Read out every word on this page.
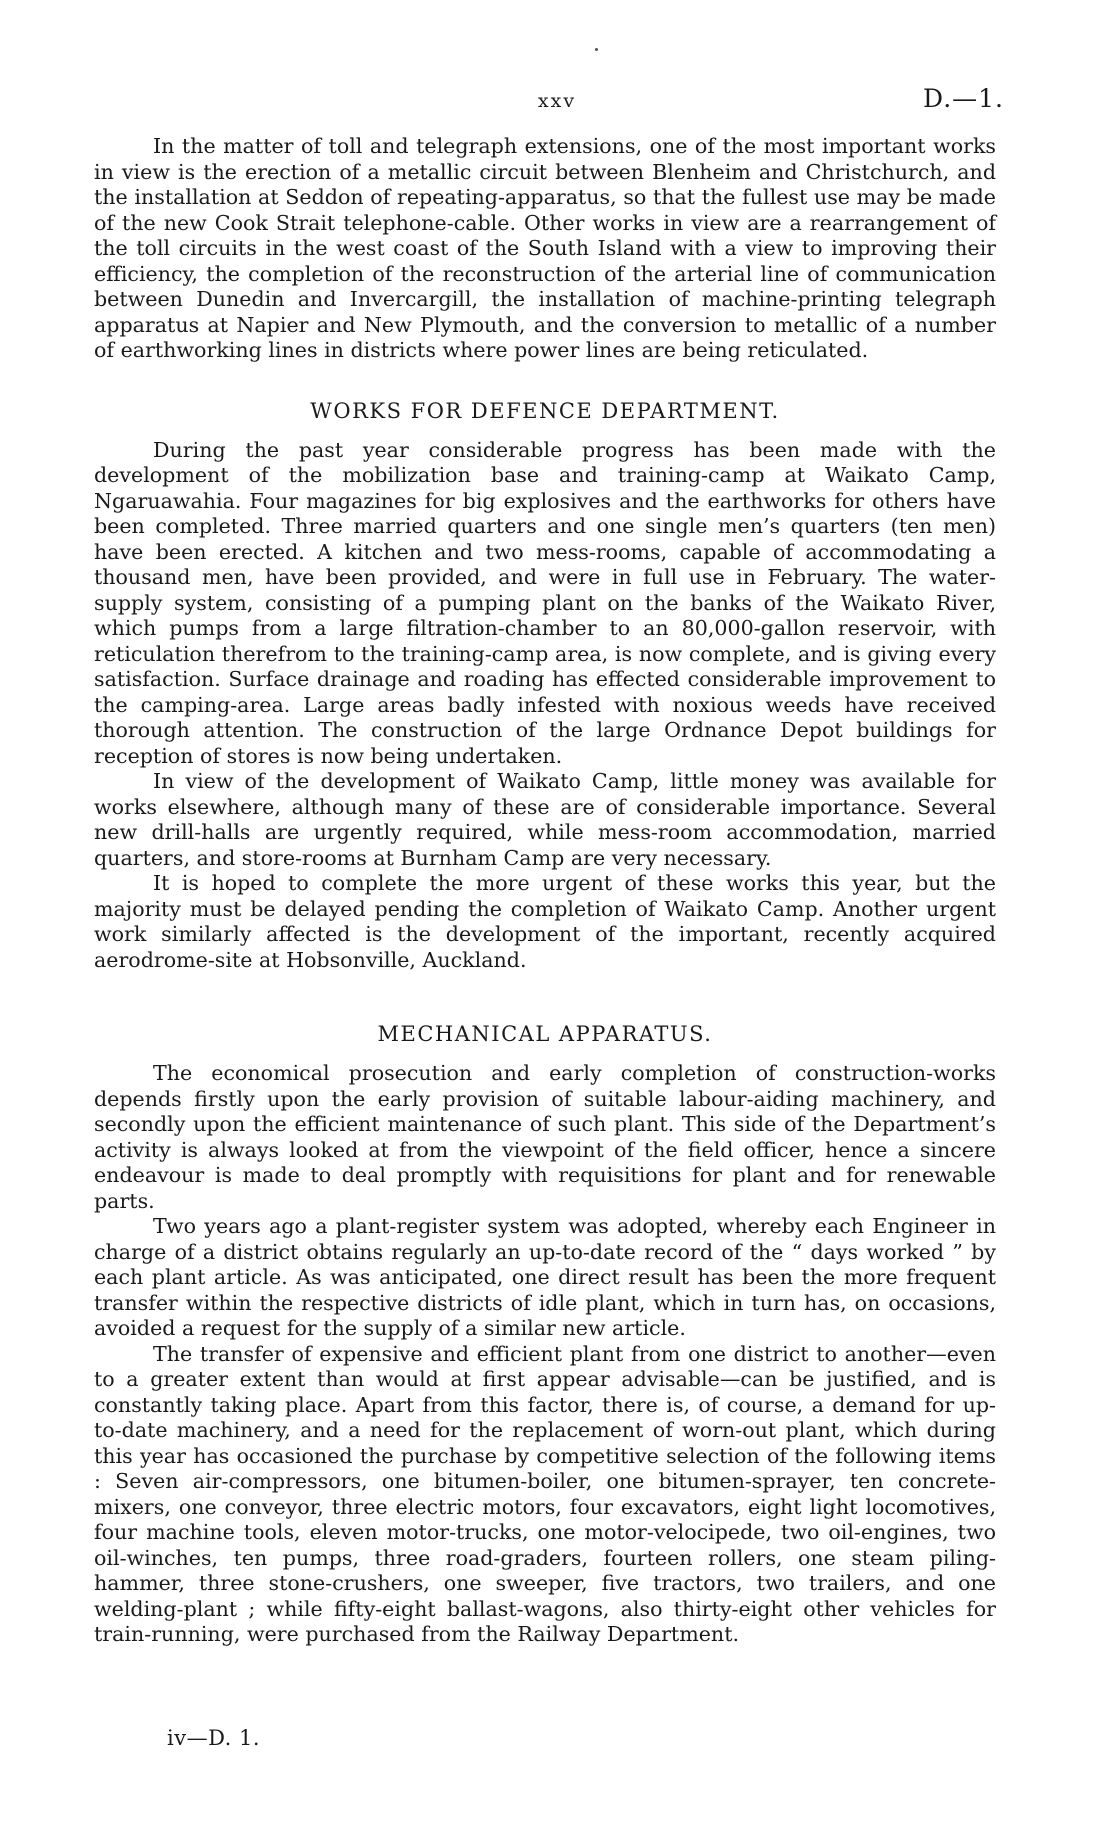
xxv	D.—1.

In the matter of toll and telegraph extensions, one of the most important works in view is the erection of a metallic circuit between Blenheim and Christchurch, and the installation at Seddon of repeating-apparatus, so that the fullest use may be made of the new Cook Strait telephone-cable. Other works in view are a rearrangement of the toll circuits in the west coast of the South Island with a view to improving their efficiency, the completion of the reconstruction of the arterial line of communication between Dunedin and Invercargill, the installation of machine-printing telegraph apparatus at Napier and New Plymouth, and the conversion to metallic of a number of earthworking lines in districts where power lines are being reticulated.

WORKS FOR DEFENCE DEPARTMENT.

During the past year considerable progress has been made with the development of the mobilization base and training-camp at Waikato Camp, Ngaruawahia. Four magazines for big explosives and the earthworks for others have been completed. Three married quarters and one single men’s quarters (ten men) have been erected. A kitchen and two mess-rooms, capable of accommodating a thousand men, have been provided, and were in full use in February. The water-supply system, consisting of a pumping plant on the banks of the Waikato River, which pumps from a large filtration-chamber to an 80,000-gallon reservoir, with reticulation therefrom to the training-camp area, is now complete, and is giving every satisfaction. Surface drainage and roading has effected considerable improvement to the camping-area. Large areas badly infested with noxious weeds have received thorough attention. The construction of the large Ordnance Depot buildings for reception of stores is now being undertaken.

In view of the development of Waikato Camp, little money was available for works elsewhere, although many of these are of considerable importance. Several new drill-halls are urgently required, while mess-room accommodation, married quarters, and store-rooms at Burnham Camp are very necessary.

It is hoped to complete the more urgent of these works this year, but the majority must be delayed pending the completion of Waikato Camp. Another urgent work similarly affected is the development of the important, recently acquired aerodrome-site at Hobsonville, Auckland.

MECHANICAL APPARATUS.

The economical prosecution and early completion of construction-works depends firstly upon the early provision of suitable labour-aiding machinery, and secondly upon the efficient maintenance of such plant. This side of the Department’s activity is always looked at from the viewpoint of the field officer, hence a sincere endeavour is made to deal promptly with requisitions for plant and for renewable parts.

Two years ago a plant-register system was adopted, whereby each Engineer in charge of a district obtains regularly an up-to-date record of the “ days worked ” by each plant article. As was anticipated, one direct result has been the more frequent transfer within the respective districts of idle plant, which in turn has, on occasions, avoided a request for the supply of a similar new article.

The transfer of expensive and efficient plant from one district to another—even to a greater extent than would at first appear advisable—can be justified, and is constantly taking place. Apart from this factor, there is, of course, a demand for up-to-date machinery, and a need for the replacement of worn-out plant, which during this year has occasioned the purchase by competitive selection of the following items : Seven air-compressors, one bitumen-boiler, one bitumen-sprayer, ten concrete-mixers, one conveyor, three electric motors, four excavators, eight light locomotives, four machine tools, eleven motor-trucks, one motor-velocipede, two oil-engines, two oil-winches, ten pumps, three road-graders, fourteen rollers, one steam piling-hammer, three stone-crushers, one sweeper, five tractors, two trailers, and one welding-plant ; while fifty-eight ballast-wagons, also thirty-eight other vehicles for train-running, were purchased from the Railway Department.

iv—D. 1.
